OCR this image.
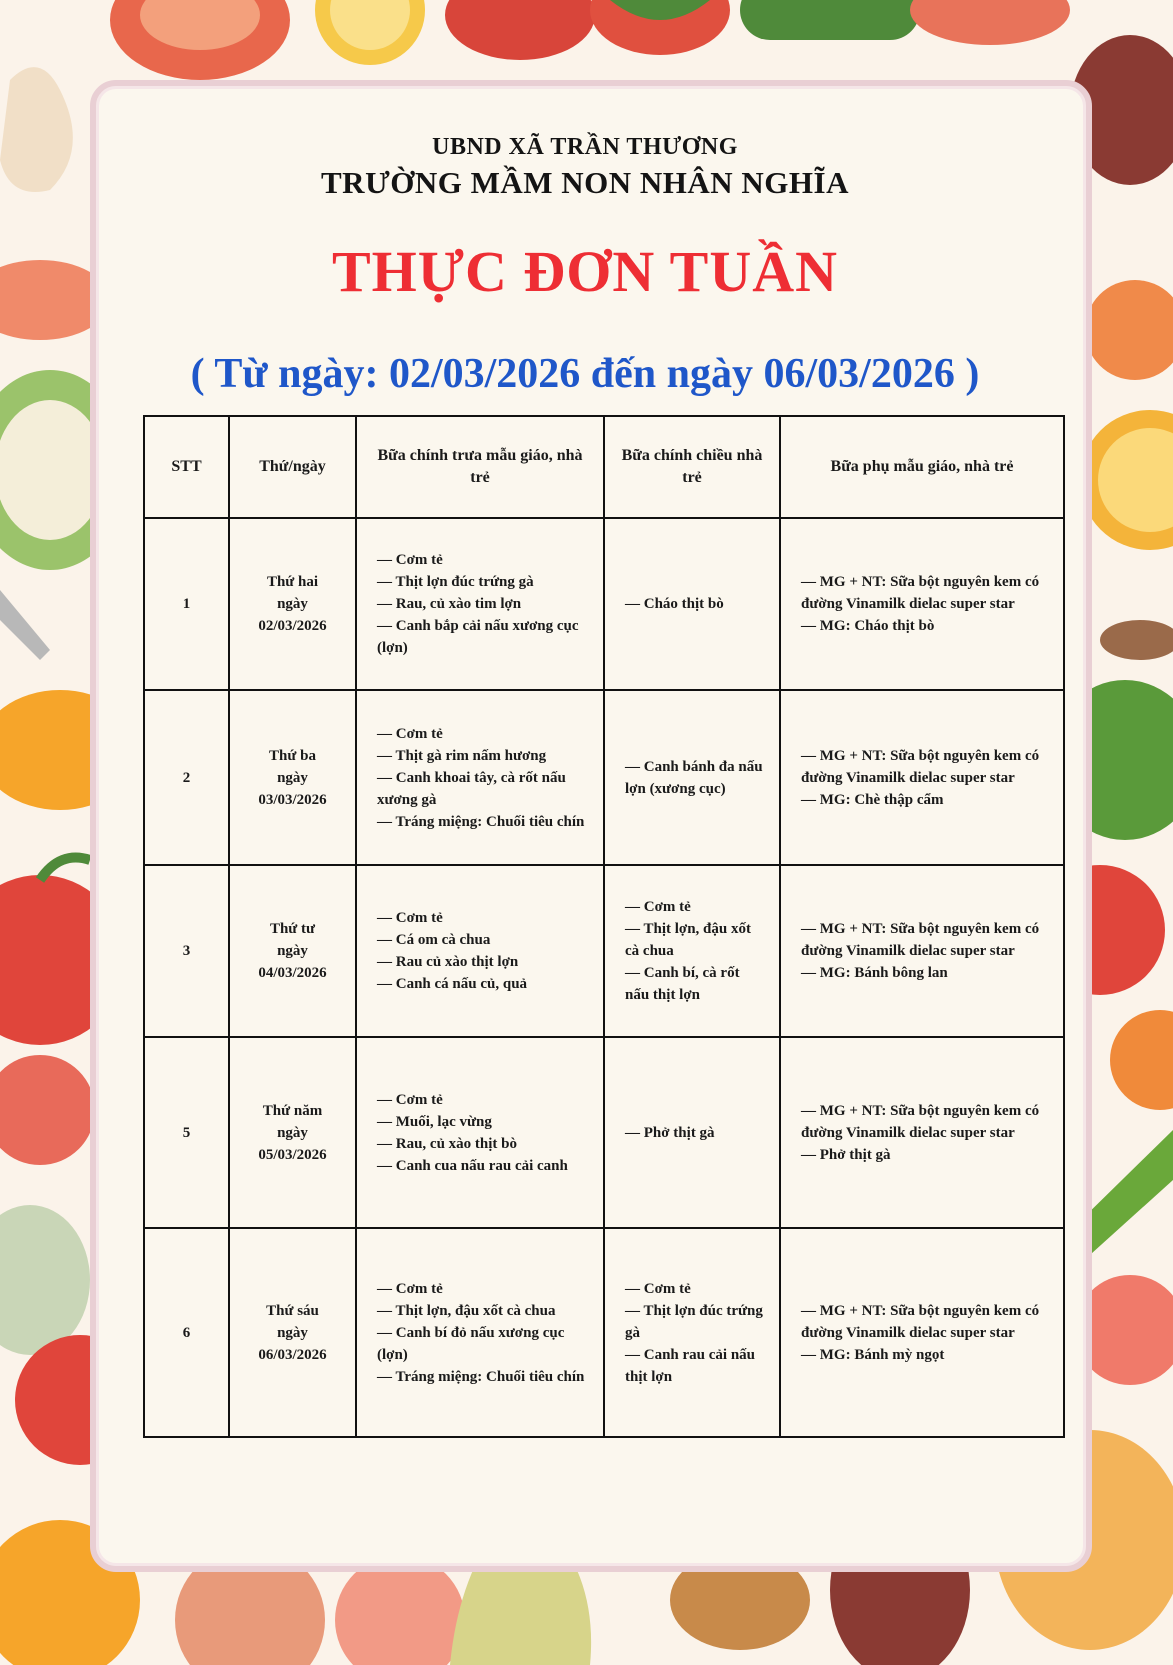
UBND XÃ TRẦN THƯƠNG
TRƯỜNG MẦM NON NHÂN NGHĨA
THỰC ĐƠN TUẦN
( Từ ngày: 02/03/2026 đến ngày 06/03/2026 )
STT	Thứ/ngày	Bữa chính trưa mẫu giáo, nhà trẻ	Bữa chính chiều nhà trẻ	Bữa phụ mẫu giáo, nhà trẻ

1	Thứ hai
ngày
02/03/2026	— Cơm tẻ
— Thịt lợn đúc trứng gà
— Rau, củ xào tim lợn
— Canh bắp cải nấu xương cục (lợn)	— Cháo thịt bò	— MG + NT: Sữa bột nguyên kem có đường Vinamilk dielac super star
— MG: Cháo thịt bò

2	Thứ ba
ngày
03/03/2026	— Cơm tẻ
— Thịt gà rim nấm hương
— Canh khoai tây, cà rốt nấu xương gà
— Tráng miệng: Chuối tiêu chín	— Canh bánh đa nấu lợn (xương cục)	— MG + NT: Sữa bột nguyên kem có đường Vinamilk dielac super star
— MG: Chè thập cẩm

3	Thứ tư
ngày
04/03/2026	— Cơm tẻ
— Cá om cà chua
— Rau củ xào thịt lợn
— Canh cá nấu củ, quả	— Cơm tẻ
— Thịt lợn, đậu xốt cà chua
— Canh bí, cà rốt nấu thịt lợn	— MG + NT: Sữa bột nguyên kem có đường Vinamilk dielac super star
— MG: Bánh bông lan

5	Thứ năm
ngày
05/03/2026	— Cơm tẻ
— Muối, lạc vừng
— Rau, củ xào thịt bò
— Canh cua nấu rau cải canh	— Phở thịt gà	— MG + NT: Sữa bột nguyên kem có đường Vinamilk dielac super star
— Phở thịt gà

6	Thứ sáu
ngày
06/03/2026	— Cơm tẻ
— Thịt lợn, đậu xốt cà chua
— Canh bí đỏ nấu xương cục (lợn)
— Tráng miệng: Chuối tiêu chín	— Cơm tẻ
— Thịt lợn đúc trứng gà
— Canh rau cải nấu thịt lợn	— MG + NT: Sữa bột nguyên kem có đường Vinamilk dielac super star
— MG: Bánh mỳ ngọt
